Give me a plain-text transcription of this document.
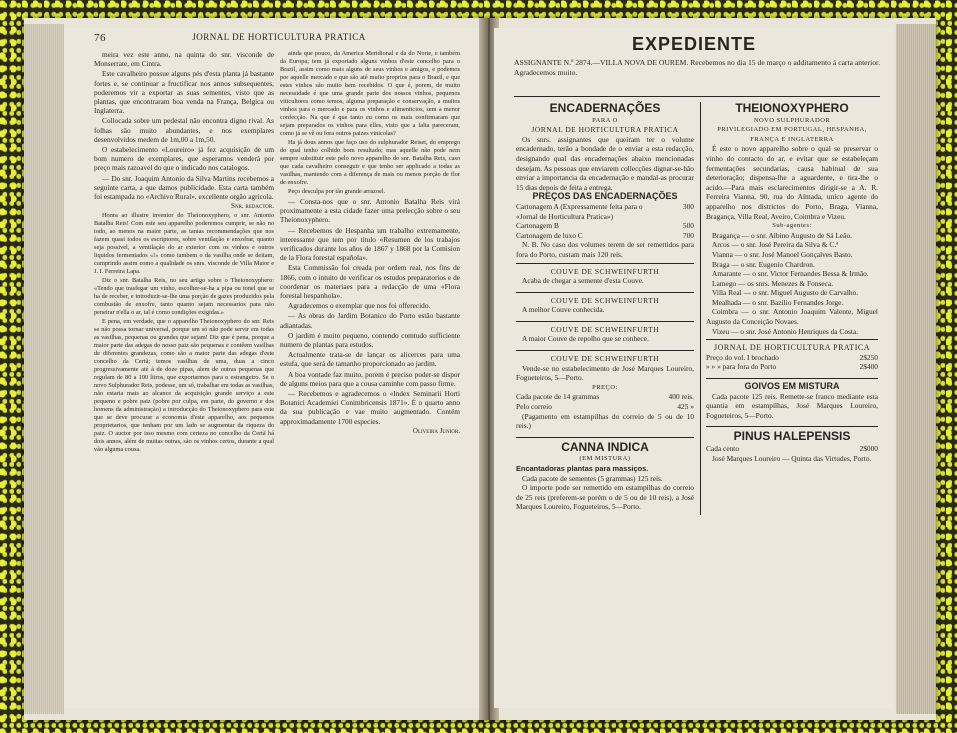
76	JORNAL DE HORTICULTURA PRATICA

meira vez este anno, na quinta do snr. visconde de Monserrate, em Cintra.

Este cavalheiro possue alguns pés d'esta planta já bastante fortes e, se continuar a fructificar nos annos subsequentes, poderemos vir a exportar as suas sementes, visto que as plantas, que encontraram boa venda na França, Belgica ou Inglaterra.

Collocada sobre um pedestal não encontra digno rival. As folhas são muito abundantes, e nos exemplares desenvolvidos medem de 1m,00 a 1m,50.

O estabelecimento «Loureiro» já fez acquisição de um bom numero de exemplares, que esperamos venderá por preço mais razoavel do que o indicado nos catalogos.

— Do snr. Joaquim Antonio da Silva Martins recebemos a seguinte carta, a que damos publicidade. Esta carta também foi estampada no «Archivo Rural», excellente orgão agricola.

Snr. redactor.

Honra ao illustre inventor do Theionoxyphero, o snr. Antonio Batalha Reis! Com este seu apparelho poderemos cumprir, se não no todo, ao menos na maior parte, as tantas recommendações que nos fazem quasi todos os escriptores, sobre ventilação e enxofrar, quanto seja possivel, a ventilação do ar exterior com os vinhos e outros liquidos fermentados «!» como tambem o da vasilha onde se deitam, cumprindo assim como a qualidade os snrs. visconde de Villa Maior e J. I. Ferreira Lapa.

Diz o snr. Batalha Reis, no seu artigo sobre o Theionoxyphero: «Tendo que trasfegar um vinho, escolher-se-ha a pipa ou tonel que se ha de receber, e introduzir-se-lhe uma porção de gazes produzidos pela combustão de enxofre, tanto quanto sejam necessarios para não penetrar n'ella o ar, tal é como condições exigidas.»

E pena, em verdade, que o apparelho Theionoxyphero do snr. Reis se não possa tornar universal, porque um só não pode servir em todas as vasilhas, pequenas ou grandes que sejam! Diz que é pena, porque a maior parte das adegas do nosso paiz são pequenas e contêem vasilhas de diferentes grandezas, como são a maior parte das adegas d'este concelho da Certã; temos vasilhas de uma, duas a cinco progressivamente até á de doze pipas, alem de outras pequenas que regulam de 80 a 100 litros, que exportarmos para o estrangeiro. Se o novo Sulphurador Reis, podesse, um só, trabalhar em todas as vasilhas, não estaria mais ao alcance da acquisição grande serviço a este pequeno e pobre paiz (pobre por culpa, em parte, do governo e dos homens da administração) a introducção do Theionoxyphero para este que se deve procurar a economia d'este apparelho, aos pequenos proprietarios, que tenham por um lado se augmentar da riqueza do paiz. O auctor por isso mesmo com certeza no concelho da Certã há dois annos, além de muitas outras, são os vinhos certos, durante a qual vão alguma cousa.

ainda que pouco, da America Meridional e da do Norte, e também da Europa; tem já exportado alguns vinhos d'este concelho para o Brazil, assim como mais alguns de seus vinhos e amigos, e podemos por aquelle mercado e que são até muito proprios para o Brazil, e que estes vinhos são muito bem recebidos. O que é, porem, de muito necessidade é que uma grande parte dos nossos vinhos, pequenos viticultores como temos, alguma preparação e conservação, a muitos vinhos para o mercado e para os vinhos e alimenticios, sem a menor confecção. Na que é que tanto eu como os mais confirmaram que sejam preparados os vinhos para elles, visto que a falta pareceram, como já se vê ou fora outros paizes vinicolas?

Ha já dous annos que faço uso do sulphurador Reiset, do emprego do qual tenho colhido bom resultado; mas aquelle não pode nem sempre substituir este pelo novo apparelho do snr. Batalha Reis, caso que cada cavalheiro conseguir e que tenho ser applicado a todas as vasilhas, mantendo com a diferença de mais ou menos porção de flor de enxofre.

Peço desculpa por tão grande arrazoel.

— Consta-nos que o snr. Antonio Batalha Reis virá proximamente a esta cidade fazer uma prelecção sobre o seu Theionoxyphero.

— Recebemos de Hespanha um trabalho extremamente, interessante que tem por titulo «Resumen de los trabajos verificados durante los años de 1867 y 1868 por la Comision de la Flora forestal española».

Esta Commissão foi creada por ordem real, nos fins de 1866, com o intuito de verificar os estudos preparatorios e de coordenar os materiaes para a redacção de uma «Flora forestal hespanhola».

Agradecemos o exemplar que nos foi offerecido.

— As obras do Jardim Botanico do Porto estão bastante adiantadas.

O jardim é muito pequeno, contendo comtudo sufficiente numero de plantas para estudos.

Actualmente trata-se de lançar os alicerces para uma estufa, que será de tamanho proporcionado ao jardim.

A boa vontade faz muito, porem é preciso poder-se dispor de alguns meios para que a cousa caminhe com passo firme.

— Recebemos e agradecemos o «Index Seminarii Horti Botanici Academiei Conimbricensis 1871». É o quarto anno da sua publicação e vae muito augmentado. Contém approximadamente 1700 especies.

Oliveira Junior.
EXPEDIENTE
ASSIGNANTE N.º 2874.—VILLA NOVA DE OUREM. Recebemos no dia 15 de março o additamento á carta anterior. Agradecemos muito.
ENCADERNAÇÕES
PARA O
JORNAL DE HORTICULTURA PRATICA

Os snrs. assignantes que queiram ter o volume encadernado, terão a bondade de o enviar a esta redacção, designando qual das encadernações abaixo mencionadas desejam. As pessoas que enviarem collecções dignar-se-hão enviar a importancia da encadernação e mandal-as procurar 15 dias depois de feita a entrega.

PREÇOS DAS ENCADERNAÇÕES
Cartonagem A (Expressamente feita para o «Jornal de Horticultura Pratica»)
300
Cartonagem B	500
Cartonagem de luxo C	700

N. B. No caso dos volumes terem de ser remettidos para fora do Porto, custam mais 120 reis.

COUVE DE SCHWEINFURTH

Acaba de chegar a semente d'esta Couve.

COUVE DE SCHWEINFURTH

A melhor Couve conhecida.

COUVE DE SCHWEINFURTH

A maior Couve de repolho que se conhece.

COUVE DE SCHWEINFURTH

Vende-se no estabelecimento de José Marques Loureiro, Fogueteiros, 5—Porto.

PREÇO:
Cada pacote de 14 grammas	400 reis.
Pelo correio	425 »

(Pagamento em estampilhas do correio de 5 ou de 10 reis.)

CANNA INDICA
(EM MISTURA)
Encantadoras plantas para massiços.

Cada pacote de sementes (5 grammas) 125 reis.

O importe pode ser remettido em estampilhas do correio de 25 reis (preferem-se porém o de 5 ou de 10 reis), a José Marques Loureiro, Fogueteiros, 5—Porto.

THEIONOXYPHERO
NOVO SULPHURADOR
PRIVILEGIADO EM PORTUGAL, HESPANHA, FRANÇA E INGLATERRA

É este o novo apparelho sobre o qual se preservar o vinho do contacto do ar, e evitar que se estabeleçam fermentações secundarias, causa habitual de sua deterioração; dispensa-lhe a aguardente, e tira-lhe o acido.—Para mais esclarecimentos dirigir-se a A. R. Ferreira Vianna, 90, rua do Almada, unico agente do apparelho nos districtos do Porto, Braga, Vianna, Bragança, Villa Real, Aveiro, Coimbra e Vizeu.

Sub-agentes:

Bragança — o snr. Albino Augusto de Sá Leão.

Arcos — o snr. José Pereira da Silva & C.ª

Vianna — o snr. José Manoel Gonçalves Basto.

Braga — o snr. Eugenio Chardron.

Amarante — o snr. Victor Fernandes Bessa & Irmão.

Lamego — os snrs. Menezes & Fonseca.

Villa Real — o snr. Miguel Augusto de Carvalho.

Mealhada — o snr. Bazilio Fernandes Jorge.

Coimbra — o snr. Antonio Joaquim Valente, Miguel Augusto da Conceição Novaes.

Vizeu — o snr. José Antonio Henriques da Costa.

JORNAL DE HORTICULTURA PRATICA
Preço do vol. I brochado	2$250
» » » para fora do Porto	2$400
GOIVOS EM MISTURA

Cada pacote 125 reis. Remette-se franco mediante esta quantia em estampilhas, José Marques Loureiro, Fogueteiros, 5—Porto.

PINUS HALEPENSIS
Cada cento	2$000

José Marques Loureiro — Quinta das Virtudes, Porto.
